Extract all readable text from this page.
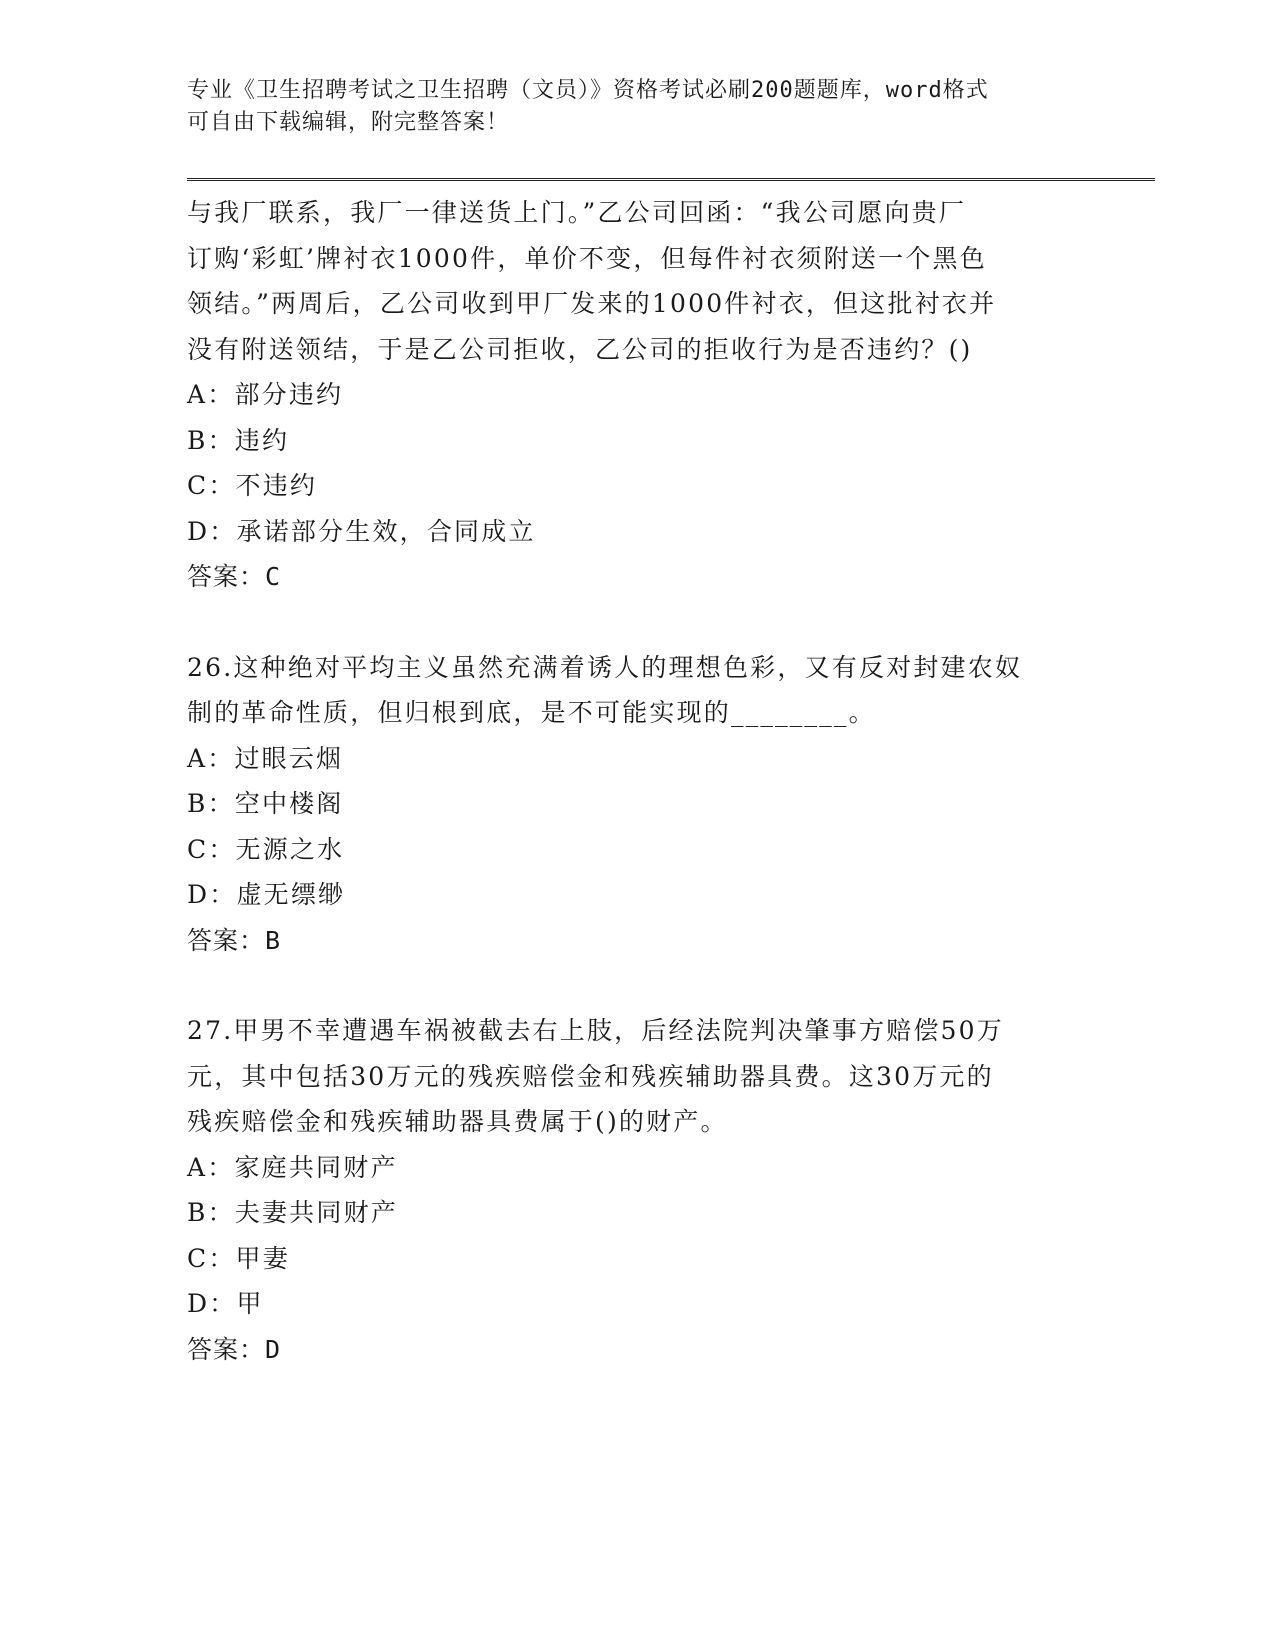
专业《卫生招聘考试之卫生招聘（文员）》资格考试必刷200题题库，word格式
可自由下载编辑，附完整答案！
与我厂联系，我厂一律送货上门。”乙公司回函：“我公司愿向贵厂
订购‘彩虹’牌衬衣1000件，单价不变，但每件衬衣须附送一个黑色
领结。”两周后，乙公司收到甲厂发来的1000件衬衣，但这批衬衣并
没有附送领结，于是乙公司拒收，乙公司的拒收行为是否违约？()
A：部分违约
B：违约
C：不违约
D：承诺部分生效，合同成立
答案：C
26.这种绝对平均主义虽然充满着诱人的理想色彩，又有反对封建农奴
制的革命性质，但归根到底，是不可能实现的________。
A：过眼云烟
B：空中楼阁
C：无源之水
D：虚无缥缈
答案：B
27.甲男不幸遭遇车祸被截去右上肢，后经法院判决肇事方赔偿50万
元，其中包括30万元的残疾赔偿金和残疾辅助器具费。这30万元的
残疾赔偿金和残疾辅助器具费属于()的财产。
A：家庭共同财产
B：夫妻共同财产
C：甲妻
D：甲
答案：D
